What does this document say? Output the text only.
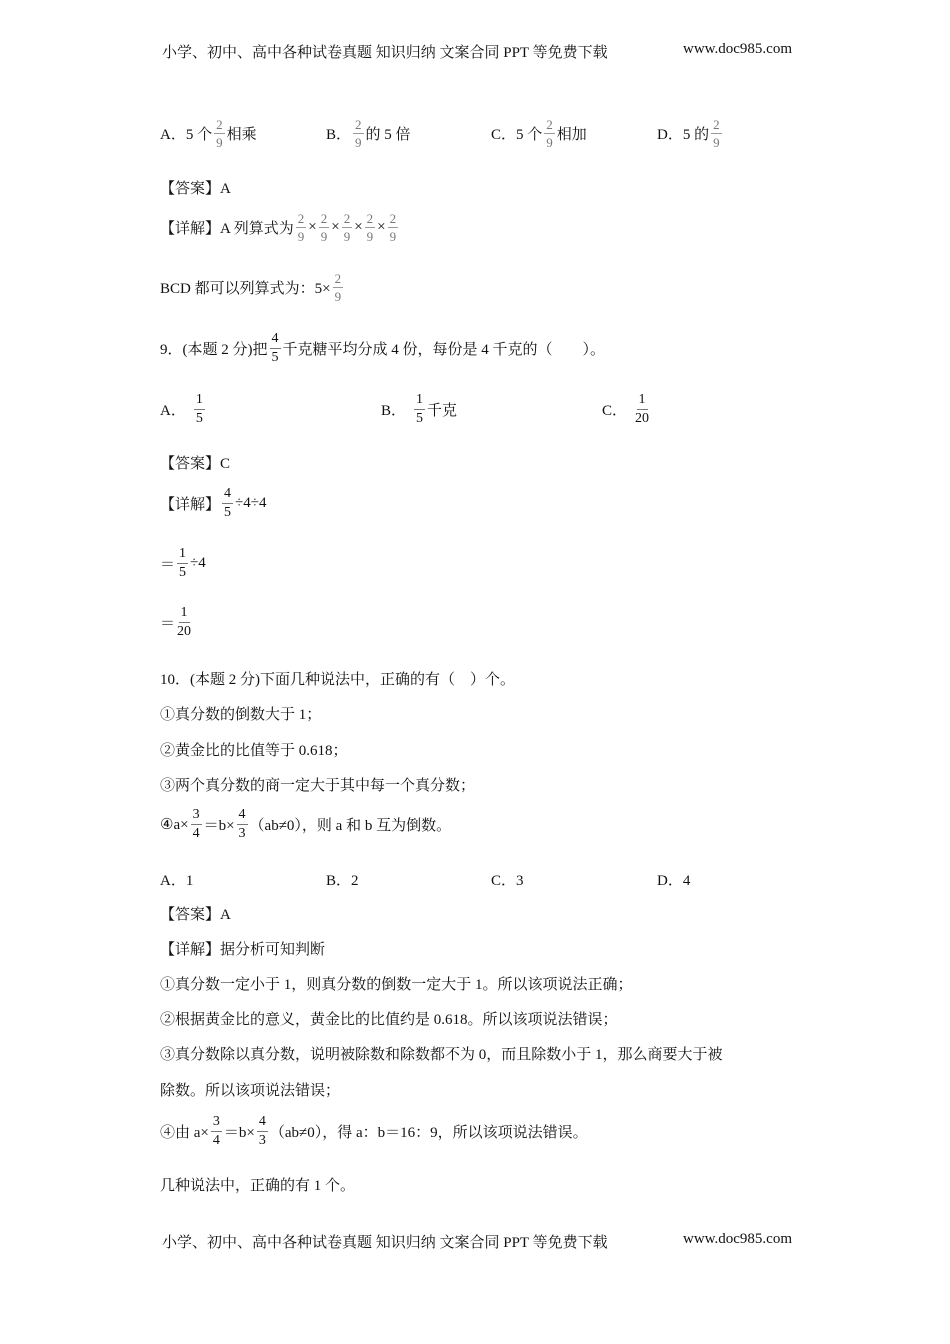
小学、初中、高中各种试卷真题 知识归纳 文案合同 PPT 等免费下载	www.doc985.com
A．5 个 $\frac{2}{9}$ 相乘	B． $\frac{2}{9}$ 的 5 倍	C．5 个 $\frac{2}{9}$ 相加	D．5 的 $\frac{2}{9}$
【答案】A
【详解】A 列算式为 $\frac{2}{9} \times \frac{2}{9} \times \frac{2}{9} \times \frac{2}{9} \times \frac{2}{9}$
BCD 都可以列算式为：$5\times \frac{2}{9}$
9．(本题 2 分)把 $\frac{4}{5}$ 千克糖平均分成 4 份，每份是 4 千克的（　　）。
A． $\frac{1}{5}$	B． $\frac{1}{5}$ 千克	C． $\frac{1}{20}$
【答案】C
【详解】 $\frac{4}{5} \div 4\div 4$
＝ $\frac{1}{5} \div 4$
＝ $\frac{1}{20}$
10．(本题 2 分)下面几种说法中，正确的有（　）个。
①真分数的倒数大于 1；
②黄金比的比值等于 0.618；
③两个真分数的商一定大于其中每一个真分数；
④a× $\frac{3}{4} =b\times \frac{4}{3} (ab\ne 0)$，则 a 和 b 互为倒数。
A．1	B．2	C．3	D．4
【答案】A
【详解】据分析可知判断
①真分数一定小于 1，则真分数的倒数一定大于 1。所以该项说法正确；
②根据黄金比的意义，黄金比的比值约是 0.618。所以该项说法错误；
③真分数除以真分数，说明被除数和除数都不为 0，而且除数小于 1，那么商要大于被
除数。所以该项说法错误；
④由 $a\times \frac{3}{4} =b\times \frac{4}{3} (ab\ne 0)$，得 a：b＝16：9，所以该项说法错误。
几种说法中，正确的有 1 个。
小学、初中、高中各种试卷真题 知识归纳 文案合同 PPT 等免费下载	www.doc985.com
